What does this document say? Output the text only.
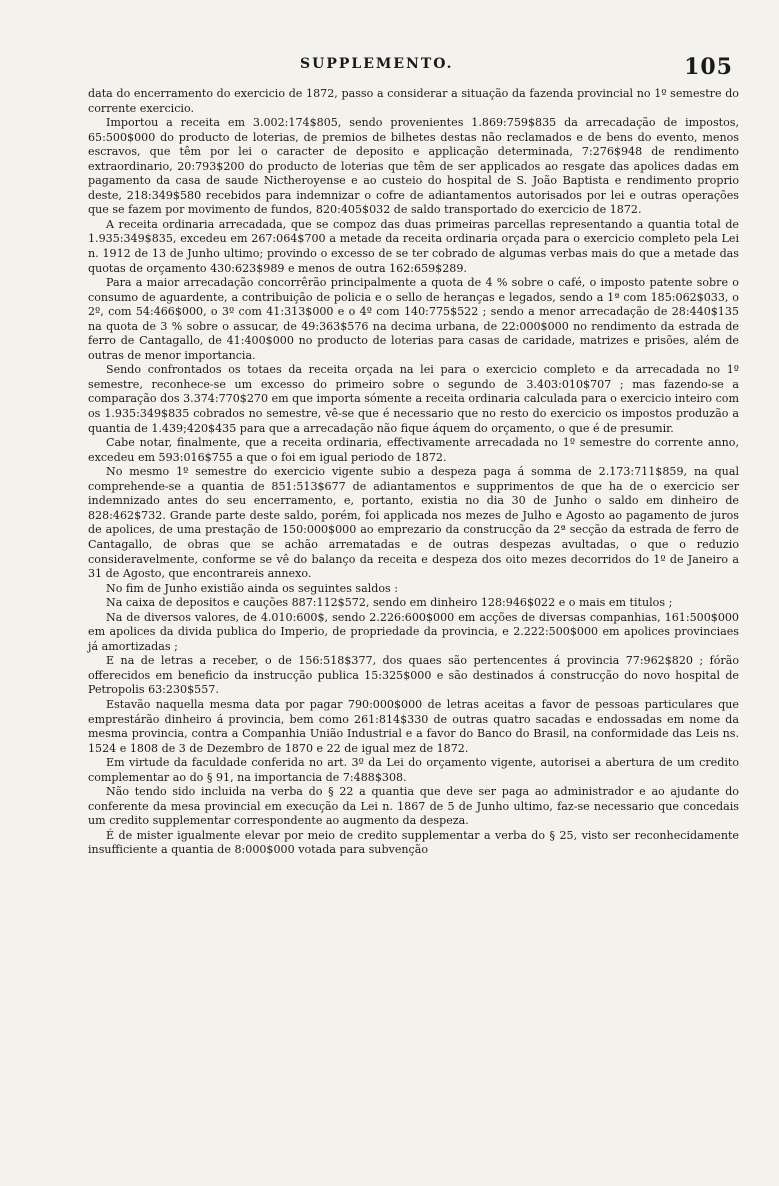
SUPPLEMENTO.	105

data do encerramento do exercicio de 1872, passo a considerar a situação da fazenda provincial no 1º semestre do corrente exercicio.

Importou a receita em 3.002:174$805, sendo provenientes 1.869:759$835 da arrecadação de impostos, 65:500$000 do producto de loterias, de premios de bilhetes destas não reclamados e de bens do evento, menos escravos, que têm por lei o caracter de deposito e applicação determinada, 7:276$948 de rendimento extraordinario, 20:793$200 do producto de loterias que têm de ser applicados ao resgate das apolices dadas em pagamento da casa de saude Nictheroyense e ao custeio do hospital de S. João Baptista e rendimento proprio deste, 218:349$580 recebidos para indemnizar o cofre de adiantamentos autorisados por lei e outras operações que se fazem por movimento de fundos, 820:405$032 de saldo transportado do exercicio de 1872.

A receita ordinaria arrecadada, que se compoz das duas primeiras parcellas representando a quantia total de 1.935:349$835, excedeu em 267:064$700 a metade da receita ordinaria orçada para o exercicio completo pela Lei n. 1912 de 13 de Junho ultimo; provindo o excesso de se ter cobrado de algumas verbas mais do que a metade das quotas de orçamento 430:623$989 e menos de outra 162:659$289.

Para a maior arrecadação concorrêrão principalmente a quota de 4 % sobre o café, o imposto patente sobre o consumo de aguardente, a contribuição de policia e o sello de heranças e legados, sendo a 1ª com 185:062$033, o 2º, com 54:466$000, o 3º com 41:313$000 e o 4º com 140:775$522 ; sendo a menor arrecadação de 28:440$135 na quota de 3 % sobre o assucar, de 49:363$576 na decima urbana, de 22:000$000 no rendimento da estrada de ferro de Cantagallo, de 41:400$000 no producto de loterias para casas de caridade, matrizes e prisões, além de outras de menor importancia.

Sendo confrontados os totaes da receita orçada na lei para o exercicio completo e da arrecadada no 1º semestre, reconhece-se um excesso do primeiro sobre o segundo de 3.403:010$707 ; mas fazendo-se a comparação dos 3.374:770$270 em que importa sómente a receita ordinaria calculada para o exercicio inteiro com os 1.935:349$835 cobrados no semestre, vê-se que é necessario que no resto do exercicio os impostos produzão a quantia de 1.439;420$435 para que a arrecadação não fique áquem do orçamento, o que é de presumir.

Cabe notar, finalmente, que a receita ordinaria, effectivamente arrecadada no 1º semestre do corrente anno, excedeu em 593:016$755 a que o foi em igual periodo de 1872.

No mesmo 1º semestre do exercicio vigente subio a despeza paga á somma de 2.173:711$859, na qual comprehende-se a quantia de 851:513$677 de adiantamentos e supprimentos de que ha de o exercicio ser indemnizado antes do seu encerramento, e, portanto, existia no dia 30 de Junho o saldo em dinheiro de 828:462$732. Grande parte deste saldo, porém, foi applicada nos mezes de Julho e Agosto ao pagamento de juros de apolices, de uma prestação de 150:000$000 ao emprezario da construcção da 2ª secção da estrada de ferro de Cantagallo, de obras que se achão arrematadas e de outras despezas avultadas, o que o reduzio consideravelmente, conforme se vê do balanço da receita e despeza dos oito mezes decorridos do 1º de Janeiro a 31 de Agosto, que encontrareis annexo.

No fim de Junho existião ainda os seguintes saldos :

Na caixa de depositos e cauções 887:112$572, sendo em dinheiro 128:946$022 e o mais em titulos ;

Na de diversos valores, de 4.010:600$, sendo 2.226:600$000 em acções de diversas companhias, 161:500$000 em apolices da divida publica do Imperio, de propriedade da provincia, e 2.222:500$000 em apolices provinciaes já amortizadas ;

E na de letras a receber, o de 156:518$377, dos quaes são pertencentes á provincia 77:962$820 ; fórão offerecidos em beneficio da instrucção publica 15:325$000 e são destinados á construcção do novo hospital de Petropolis 63:230$557.

Estavão naquella mesma data por pagar 790:000$000 de letras aceitas a favor de pessoas particulares que emprestárão dinheiro á provincia, bem como 261:814$330 de outras quatro sacadas e endossadas em nome da mesma provincia, contra a Companhia União Industrial e a favor do Banco do Brasil, na conformidade das Leis ns. 1524 e 1808 de 3 de Dezembro de 1870 e 22 de igual mez de 1872.

Em virtude da faculdade conferida no art. 3º da Lei do orçamento vigente, autorisei a abertura de um credito complementar ao do § 91, na importancia de 7:488$308.

Não tendo sido incluida na verba do § 22 a quantia que deve ser paga ao administrador e ao ajudante do conferente da mesa provincial em execução da Lei n. 1867 de 5 de Junho ultimo, faz-se necessario que concedais um credito supplementar correspondente ao augmento da despeza.

É de mister igualmente elevar por meio de credito supplementar a verba do § 25, visto ser reconhecidamente insufficiente a quantia de 8:000$000 votada para subvenção
